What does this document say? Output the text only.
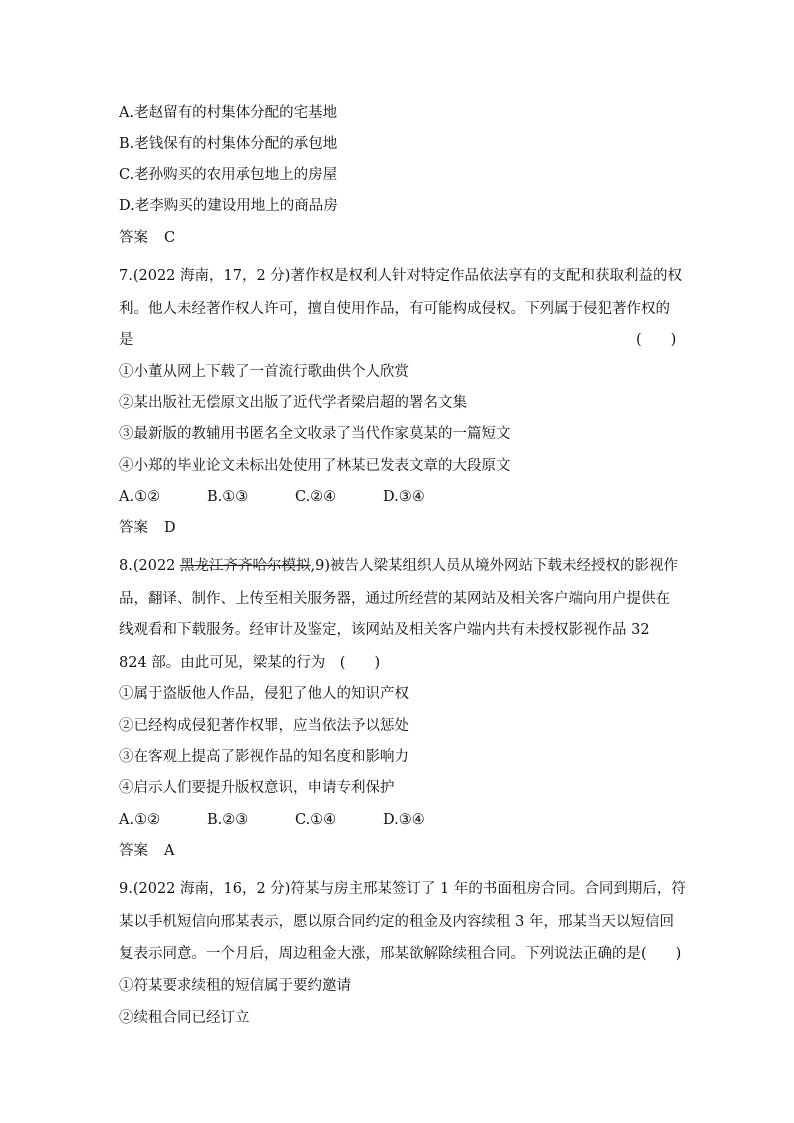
A.老赵留有的村集体分配的宅基地
B.老钱保有的村集体分配的承包地
C.老孙购买的农用承包地上的房屋
D.老李购买的建设用地上的商品房
答案 C
7.(2022 海南，17，2 分)著作权是权利人针对特定作品依法享有的支配和获取利益的权
利。他人未经著作权人许可，擅自使用作品，有可能构成侵权。下列属于侵犯著作权的
是	(　　)
①小董从网上下载了一首流行歌曲供个人欣赏
②某出版社无偿原文出版了近代学者梁启超的署名文集
③最新版的教辅用书匿名全文收录了当代作家莫某的一篇短文
④小郑的毕业论文未标出处使用了林某已发表文章的大段原文
A.①②	B.①③	C.②④	D.③④
答案 D
8.(2022 黑龙江齐齐哈尔模拟,9)被告人梁某组织人员从境外网站下载未经授权的影视作
品，翻译、制作、上传至相关服务器，通过所经营的某网站及相关客户端向用户提供在
线观看和下载服务。经审计及鉴定，该网站及相关客户端内共有未授权影视作品 32
824 部。由此可见，梁某的行为　(　　)
①属于盗版他人作品，侵犯了他人的知识产权
②已经构成侵犯著作权罪，应当依法予以惩处
③在客观上提高了影视作品的知名度和影响力
④启示人们要提升版权意识，申请专利保护
A.①②	B.②③	C.①④	D.③④
答案 A
9.(2022 海南，16，2 分)符某与房主邢某签订了 1 年的书面租房合同。合同到期后，符
某以手机短信向邢某表示，愿以原合同约定的租金及内容续租 3 年，邢某当天以短信回
复表示同意。一个月后，周边租金大涨，邢某欲解除续租合同。下列说法正确的是(　　)
①符某要求续租的短信属于要约邀请
②续租合同已经订立
